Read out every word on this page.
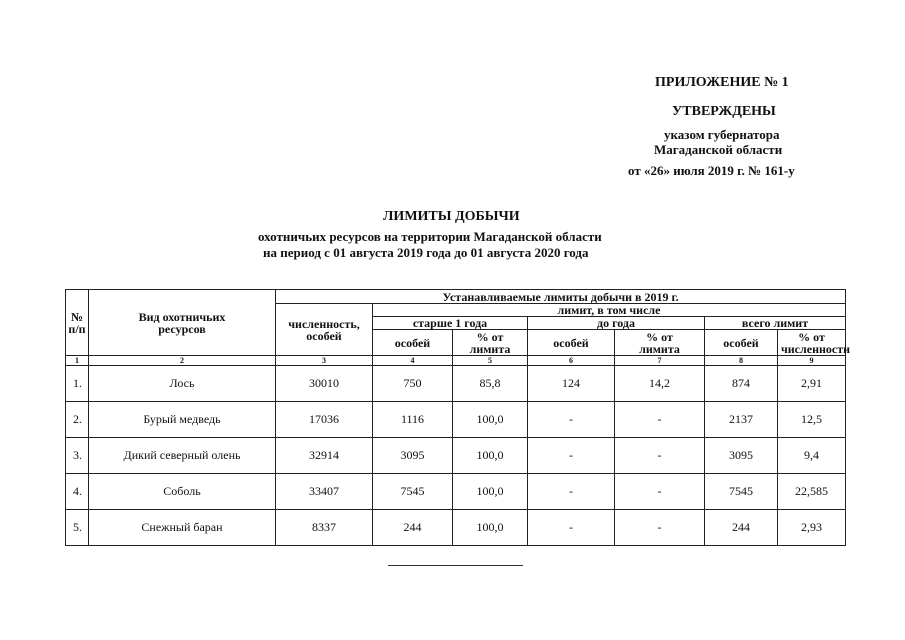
ПРИЛОЖЕНИЕ № 1
УТВЕРЖДЕНЫ
указом губернатора
Магаданской области
от «26» июля 2019 г. № 161-у
ЛИМИТЫ ДОБЫЧИ
охотничьих ресурсов на территории Магаданской области
на период с 01 августа 2019 года до 01 августа 2020 года
№ п/п	Вид охотничьих ресурсов	Устанавливаемые лимиты добычи в 2019 г.						
		численность, особей	лимит, в том числе					
			старше 1 года		до года		всего лимит	
			особей	% от лимита	особей	% от лимита	особей	% от численности
1	2	3	4	5	6	7	8	9
1.	Лось	30010	750	85,8	124	14,2	874	2,91
2.	Бурый медведь	17036	1116	100,0	-	-	2137	12,5
3.	Дикий северный олень	32914	3095	100,0	-	-	3095	9,4
4.	Соболь	33407	7545	100,0	-	-	7545	22,585
5.	Снежный баран	8337	244	100,0	-	-	244	2,93
